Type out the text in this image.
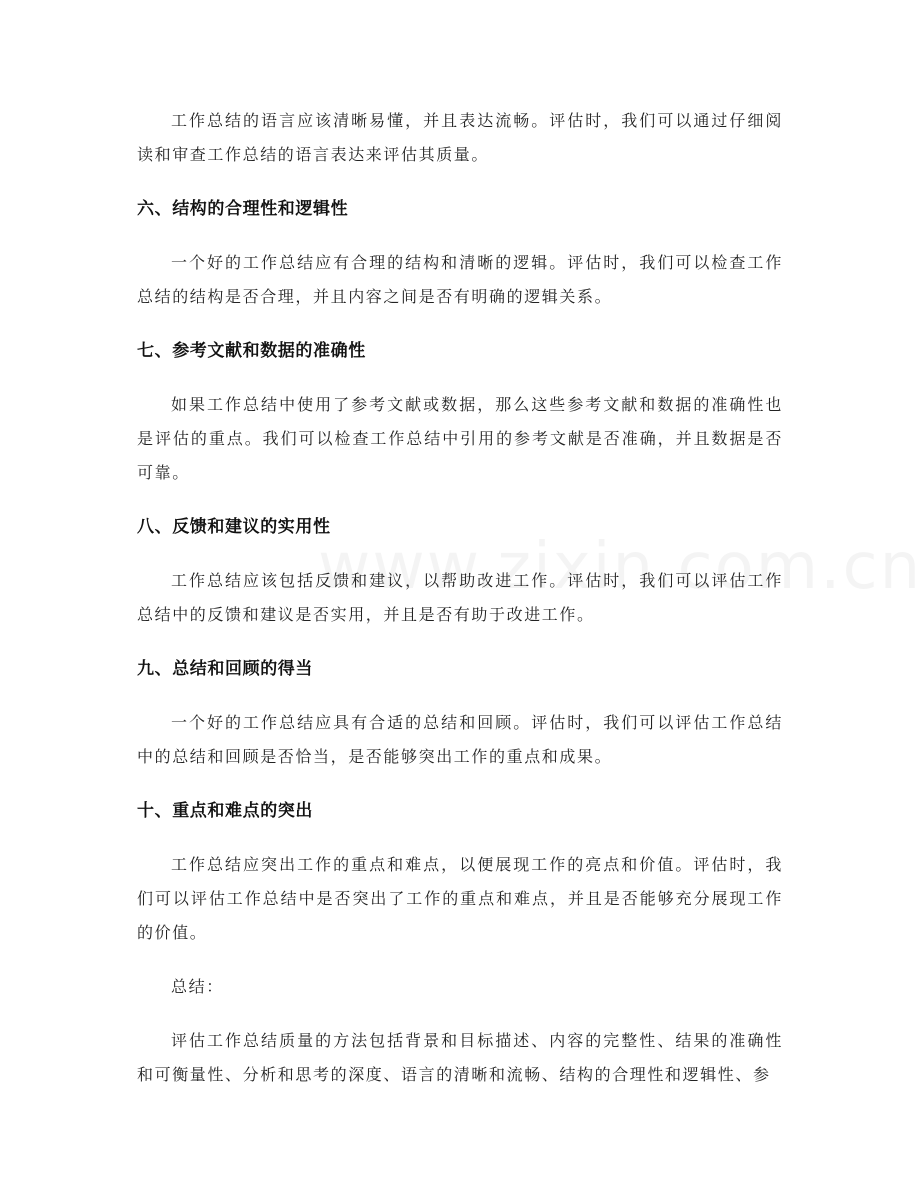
工作总结的语言应该清晰易懂，并且表达流畅。评估时，我们可以通过仔细阅读和审查工作总结的语言表达来评估其质量。

六、结构的合理性和逻辑性

一个好的工作总结应有合理的结构和清晰的逻辑。评估时，我们可以检查工作总结的结构是否合理，并且内容之间是否有明确的逻辑关系。

七、参考文献和数据的准确性

如果工作总结中使用了参考文献或数据，那么这些参考文献和数据的准确性也是评估的重点。我们可以检查工作总结中引用的参考文献是否准确，并且数据是否可靠。

八、反馈和建议的实用性

工作总结应该包括反馈和建议，以帮助改进工作。评估时，我们可以评估工作总结中的反馈和建议是否实用，并且是否有助于改进工作。

九、总结和回顾的得当

一个好的工作总结应具有合适的总结和回顾。评估时，我们可以评估工作总结中的总结和回顾是否恰当，是否能够突出工作的重点和成果。

十、重点和难点的突出

工作总结应突出工作的重点和难点，以便展现工作的亮点和价值。评估时，我们可以评估工作总结中是否突出了工作的重点和难点，并且是否能够充分展现工作的价值。

总结：

评估工作总结质量的方法包括背景和目标描述、内容的完整性、结果的准确性和可衡量性、分析和思考的深度、语言的清晰和流畅、结构的合理性和逻辑性、参
